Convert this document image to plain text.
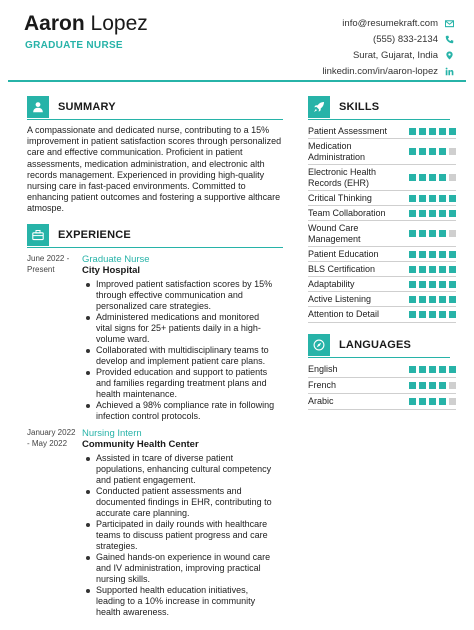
Aaron Lopez
GRADUATE NURSE
info@resumekraft.com
(555) 833-2134
Surat, Gujarat, India
linkedin.com/in/aaron-lopez
SUMMARY
A compassionate and dedicated nurse, contributing to a 15% improvement in patient satisfaction scores through personalized care and effective communication. Proficient in patient assessments, medication administration, and electronic alth records management. Experienced in providing high-quality nursing care in fast-paced environments. Committed to enhancing patient outcomes and fostering a supportive althcare atmospe.
EXPERIENCE
June 2022 - Present
Graduate Nurse
City Hospital
Improved patient satisfaction scores by 15% through effective communication and personalized care strategies.
Administered medications and monitored vital signs for 25+ patients daily in a high-volume ward.
Collaborated with multidisciplinary teams to develop and implement patient care plans.
Provided education and support to patients and families regarding treatment plans and health maintenance.
Achieved a 98% compliance rate in following infection control protocols.
January 2022 - May 2022
Nursing Intern
Community Health Center
Assisted in tcare of diverse patient populations, enhancing cultural competency and patient engagement.
Conducted patient assessments and documented findings in EHR, contributing to accurate care planning.
Participated in daily rounds with healthcare teams to discuss patient progress and care strategies.
Gained hands-on experience in wound care and IV administration, improving practical nursing skills.
Supported health education initiatives, leading to a 10% increase in community health awareness.
SKILLS
Patient Assessment
Medication Administration
Electronic Health Records (EHR)
Critical Thinking
Team Collaboration
Wound Care Management
Patient Education
BLS Certification
Adaptability
Active Listening
Attention to Detail
LANGUAGES
English
French
Arabic
